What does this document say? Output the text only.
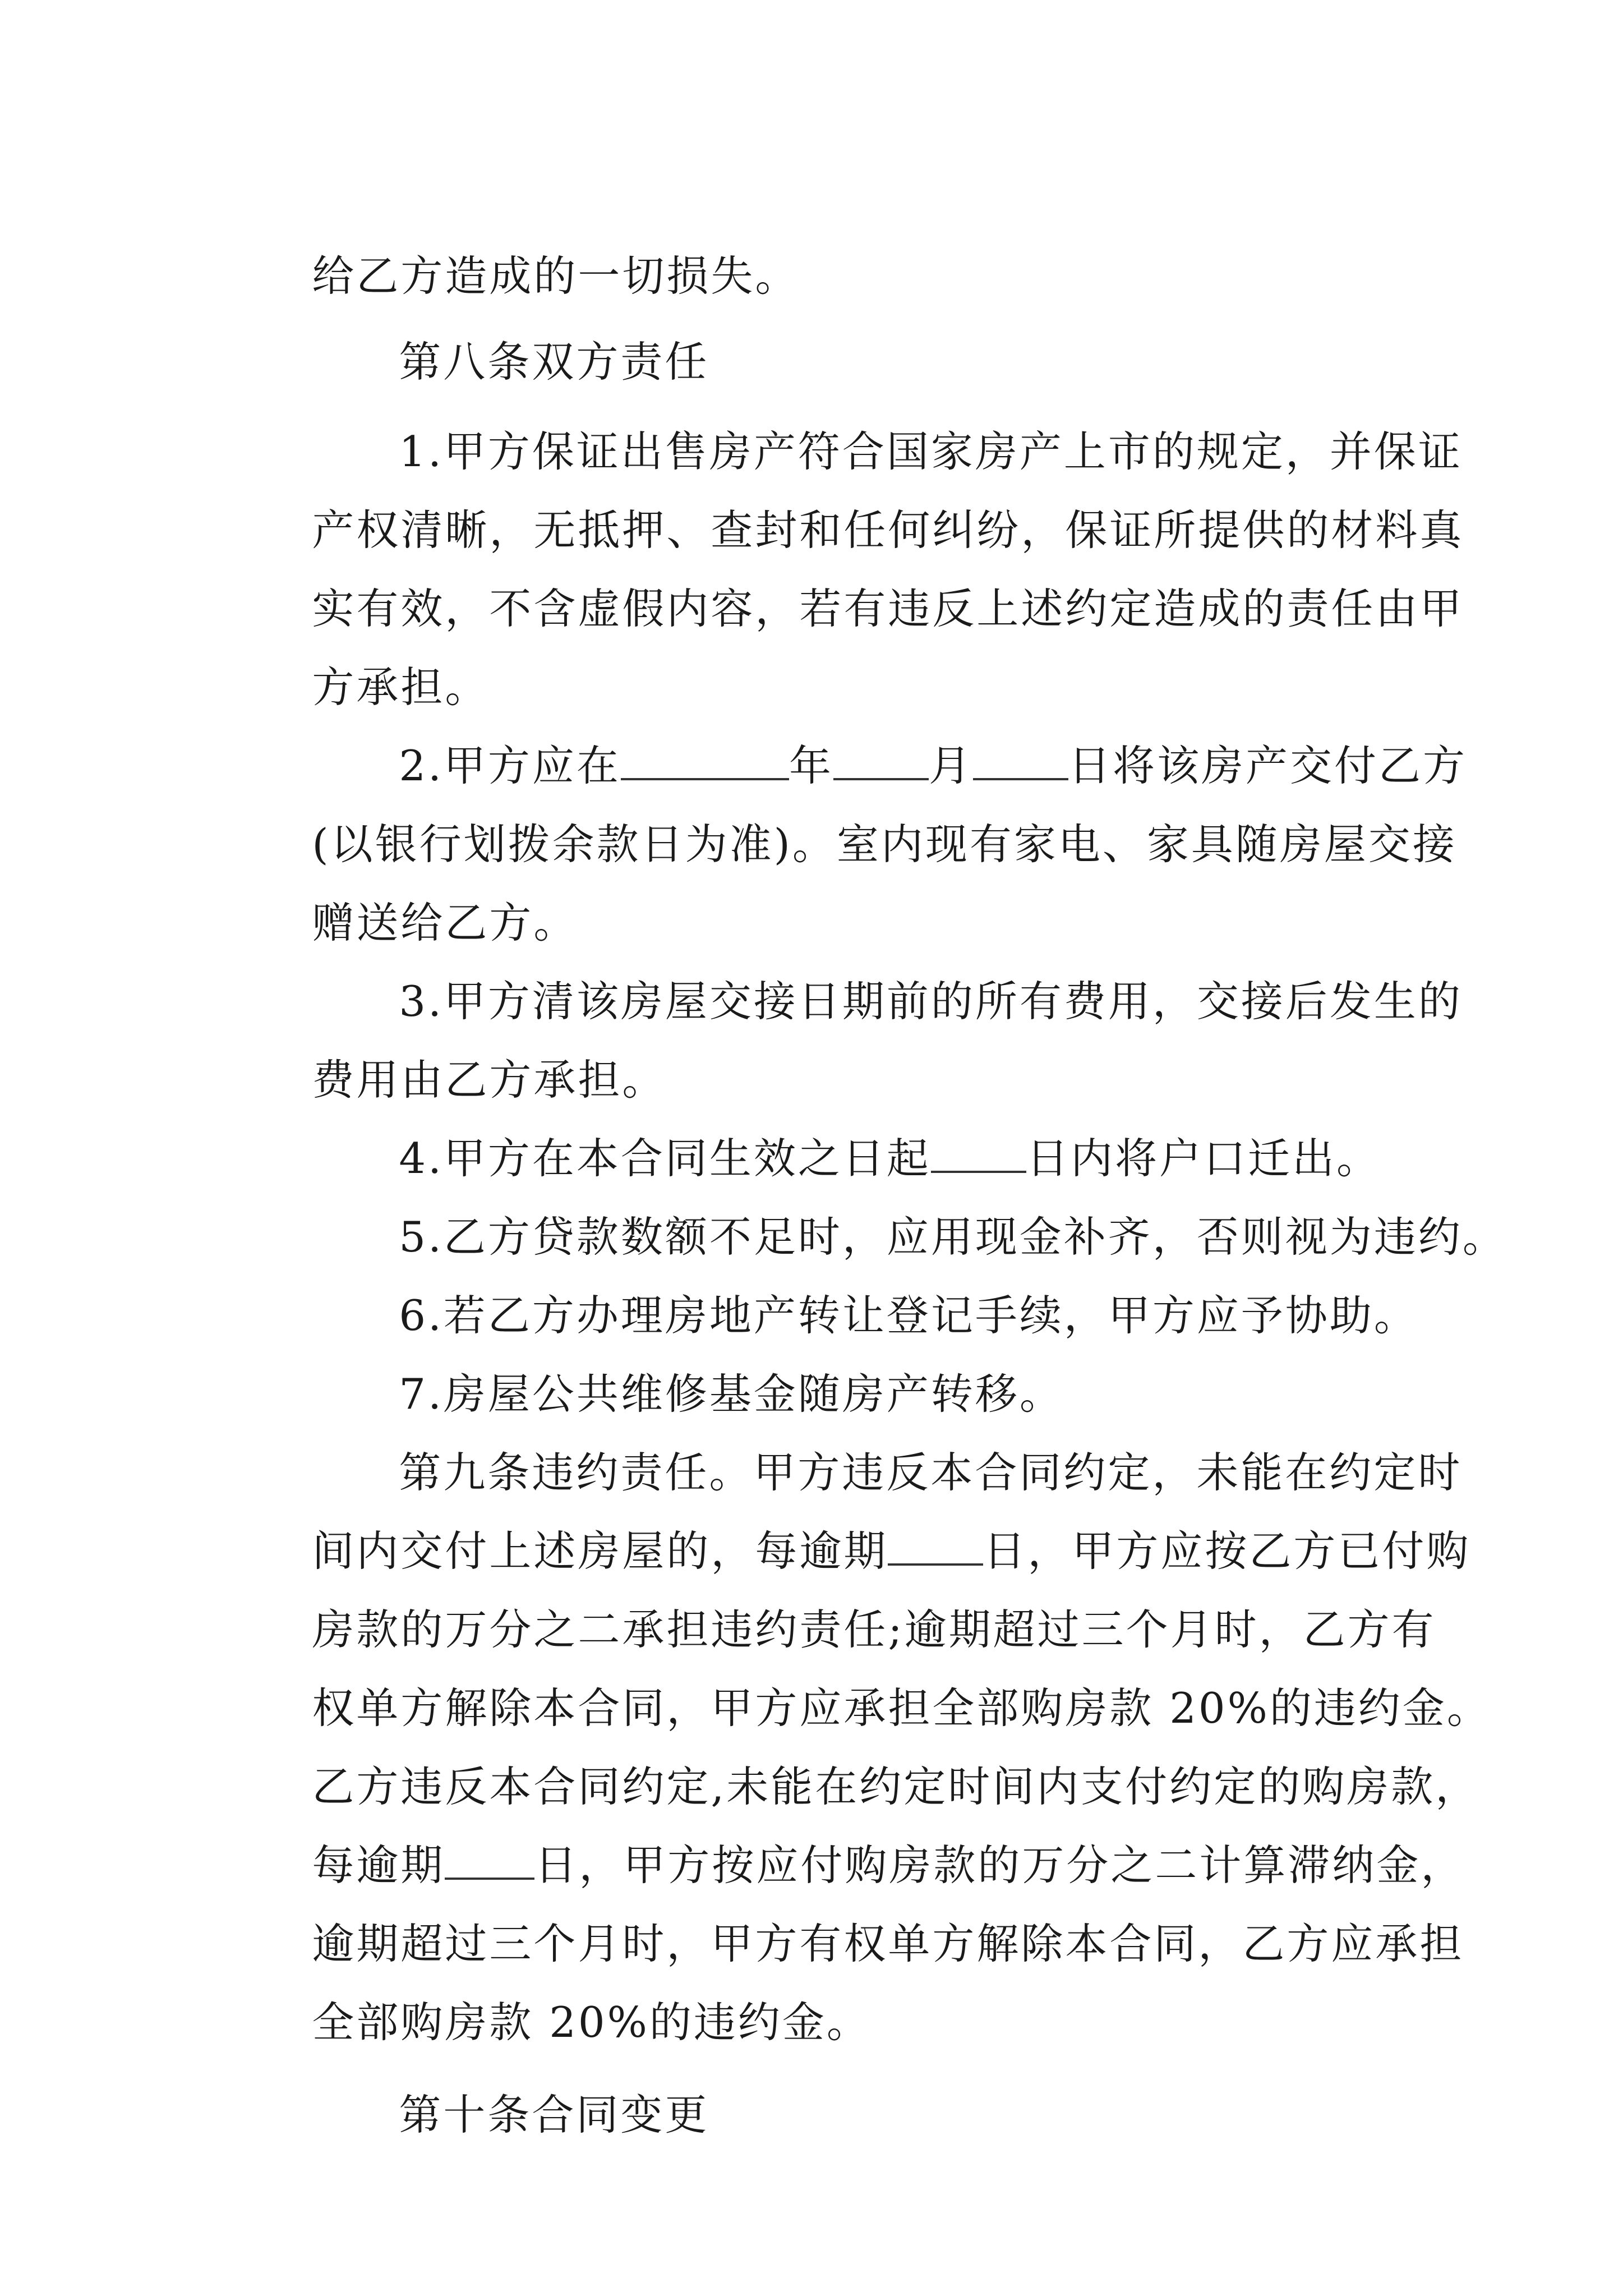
给乙方造成的一切损失。

第八条双方责任

1.甲方保证出售房产符合国家房产上市的规定，并保证

产权清晰，无抵押、查封和任何纠纷，保证所提供的材料真

实有效，不含虚假内容，若有违反上述约定造成的责任由甲

方承担。

2.甲方应在	年 月 日将该房产交付乙方

(以银行划拨余款日为准)。室内现有家电、家具随房屋交接

赠送给乙方。

3.甲方清该房屋交接日期前的所有费用，交接后发生的

费用由乙方承担。

4.甲方在本合同生效之日起 日内将户口迁出。

5.乙方贷款数额不足时，应用现金补齐，否则视为违约。

6.若乙方办理房地产转让登记手续，甲方应予协助。

7.房屋公共维修基金随房产转移。

第九条违约责任。甲方违反本合同约定，未能在约定时

间内交付上述房屋的，每逾期 日，甲方应按乙方已付购

房款的万分之二承担违约责任;逾期超过三个月时，乙方有

权单方解除本合同，甲方应承担全部购房款 20%的违约金。

乙方违反本合同约定,未能在约定时间内支付约定的购房款，

每逾期 日，甲方按应付购房款的万分之二计算滞纳金，

逾期超过三个月时，甲方有权单方解除本合同，乙方应承担

全部购房款 20%的违约金。

第十条合同变更
